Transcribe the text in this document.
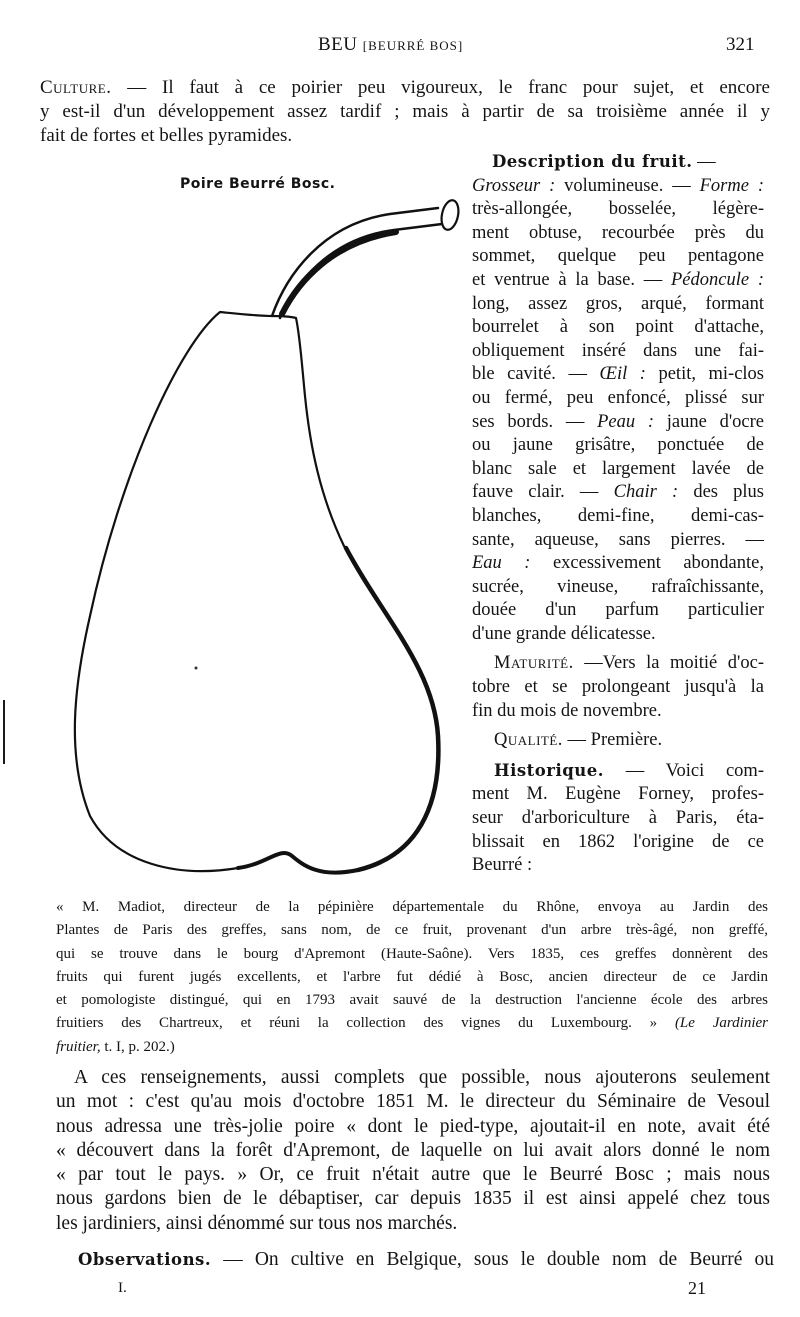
BEU [BEURRÉ BOS]	321
Culture. — Il faut à ce poirier peu vigoureux, le franc pour sujet, et encore
y est-il d'un développement assez tardif ; mais à partir de sa troisième année il y
fait de fortes et belles pyramides.
Poire Beurré Bosc.
Description du fruit. —
Grosseur : volumineuse. — Forme :
très-allongée, bosselée, légère-
ment obtuse, recourbée près du
sommet, quelque peu pentagone
et ventrue à la base. — Pédoncule :
long, assez gros, arqué, formant
bourrelet à son point d'attache,
obliquement inséré dans une fai-
ble cavité. — Œil : petit, mi-clos
ou fermé, peu enfoncé, plissé sur
ses bords. — Peau : jaune d'ocre
ou jaune grisâtre, ponctuée de
blanc sale et largement lavée de
fauve clair. — Chair : des plus
blanches, demi-fine, demi-cas-
sante, aqueuse, sans pierres. —
Eau : excessivement abondante,
sucrée, vineuse, rafraîchissante,
douée d'un parfum particulier
d'une grande délicatesse.
Maturité. —Vers la moitié d'oc-
tobre et se prolongeant jusqu'à la
fin du mois de novembre.
Qualité. — Première.
Historique. — Voici com-
ment M. Eugène Forney, profes-
seur d'arboriculture à Paris, éta-
blissait en 1862 l'origine de ce
Beurré :
« M. Madiot, directeur de la pépinière départementale du Rhône, envoya au Jardin des
Plantes de Paris des greffes, sans nom, de ce fruit, provenant d'un arbre très-âgé, non greffé,
qui se trouve dans le bourg d'Apremont (Haute-Saône). Vers 1835, ces greffes donnèrent des
fruits qui furent jugés excellents, et l'arbre fut dédié à Bosc, ancien directeur de ce Jardin
et pomologiste distingué, qui en 1793 avait sauvé de la destruction l'ancienne école des arbres
fruitiers des Chartreux, et réuni la collection des vignes du Luxembourg. » (Le Jardinier
fruitier, t. I, p. 202.)
A ces renseignements, aussi complets que possible, nous ajouterons seulement
un mot : c'est qu'au mois d'octobre 1851 M. le directeur du Séminaire de Vesoul
nous adressa une très-jolie poire « dont le pied-type, ajoutait-il en note, avait été
« découvert dans la forêt d'Apremont, de laquelle on lui avait alors donné le nom
« par tout le pays. » Or, ce fruit n'était autre que le Beurré Bosc ; mais nous
nous gardons bien de le débaptiser, car depuis 1835 il est ainsi appelé chez tous
les jardiniers, ainsi dénommé sur tous nos marchés.
Observations. — On cultive en Belgique, sous le double nom de Beurré ou
I.	21
